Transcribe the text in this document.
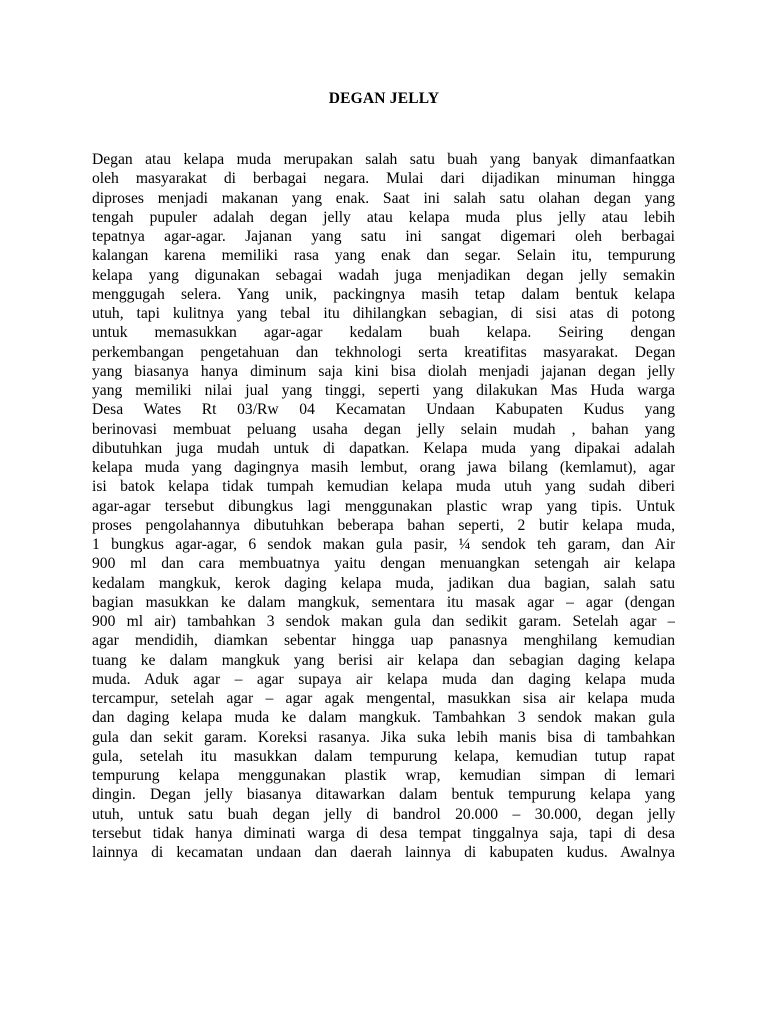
DEGAN JELLY
Degan atau kelapa muda merupakan salah satu buah yang banyak dimanfaatkan
oleh masyarakat di berbagai negara. Mulai dari dijadikan minuman hingga
diproses menjadi makanan yang enak. Saat ini salah satu olahan degan yang
tengah pupuler adalah degan jelly atau kelapa muda plus jelly atau lebih
tepatnya agar-agar. Jajanan yang satu ini sangat digemari oleh berbagai
kalangan karena memiliki rasa yang enak dan segar. Selain itu, tempurung
kelapa yang digunakan sebagai wadah juga menjadikan degan jelly semakin
menggugah selera. Yang unik, packingnya masih tetap dalam bentuk kelapa
utuh, tapi kulitnya yang tebal itu dihilangkan sebagian, di sisi atas di potong
untuk memasukkan agar-agar kedalam buah kelapa. Seiring dengan
perkembangan pengetahuan dan tekhnologi serta kreatifitas masyarakat. Degan
yang biasanya hanya diminum saja kini bisa diolah menjadi jajanan degan jelly
yang memiliki nilai jual yang tinggi, seperti yang dilakukan Mas Huda warga
Desa Wates Rt 03/Rw 04 Kecamatan Undaan Kabupaten Kudus yang
berinovasi membuat peluang usaha degan jelly selain mudah , bahan yang
dibutuhkan juga mudah untuk di dapatkan. Kelapa muda yang dipakai adalah
kelapa muda yang dagingnya masih lembut, orang jawa bilang (kemlamut), agar
isi batok kelapa tidak tumpah kemudian kelapa muda utuh yang sudah diberi
agar-agar tersebut dibungkus lagi menggunakan plastic wrap yang tipis. Untuk
proses pengolahannya dibutuhkan beberapa bahan seperti, 2 butir kelapa muda,
1 bungkus agar-agar, 6 sendok makan gula pasir, ¼ sendok teh garam, dan Air
900 ml dan cara membuatnya yaitu dengan menuangkan setengah air kelapa
kedalam mangkuk, kerok daging kelapa muda, jadikan dua bagian, salah satu
bagian masukkan ke dalam mangkuk, sementara itu masak agar – agar (dengan
900 ml air) tambahkan 3 sendok makan gula dan sedikit garam. Setelah agar –
agar mendidih, diamkan sebentar hingga uap panasnya menghilang kemudian
tuang ke dalam mangkuk yang berisi air kelapa dan sebagian daging kelapa
muda. Aduk agar – agar supaya air kelapa muda dan daging kelapa muda
tercampur, setelah agar – agar agak mengental, masukkan sisa air kelapa muda
dan daging kelapa muda ke dalam mangkuk. Tambahkan 3 sendok makan gula
gula dan sekit garam. Koreksi rasanya. Jika suka lebih manis bisa di tambahkan
gula, setelah itu masukkan dalam tempurung kelapa, kemudian tutup rapat
tempurung kelapa menggunakan plastik wrap, kemudian simpan di lemari
dingin. Degan jelly biasanya ditawarkan dalam bentuk tempurung kelapa yang
utuh, untuk satu buah degan jelly di bandrol 20.000 – 30.000, degan jelly
tersebut tidak hanya diminati warga di desa tempat tinggalnya saja, tapi di desa
lainnya di kecamatan undaan dan daerah lainnya di kabupaten kudus. Awalnya
